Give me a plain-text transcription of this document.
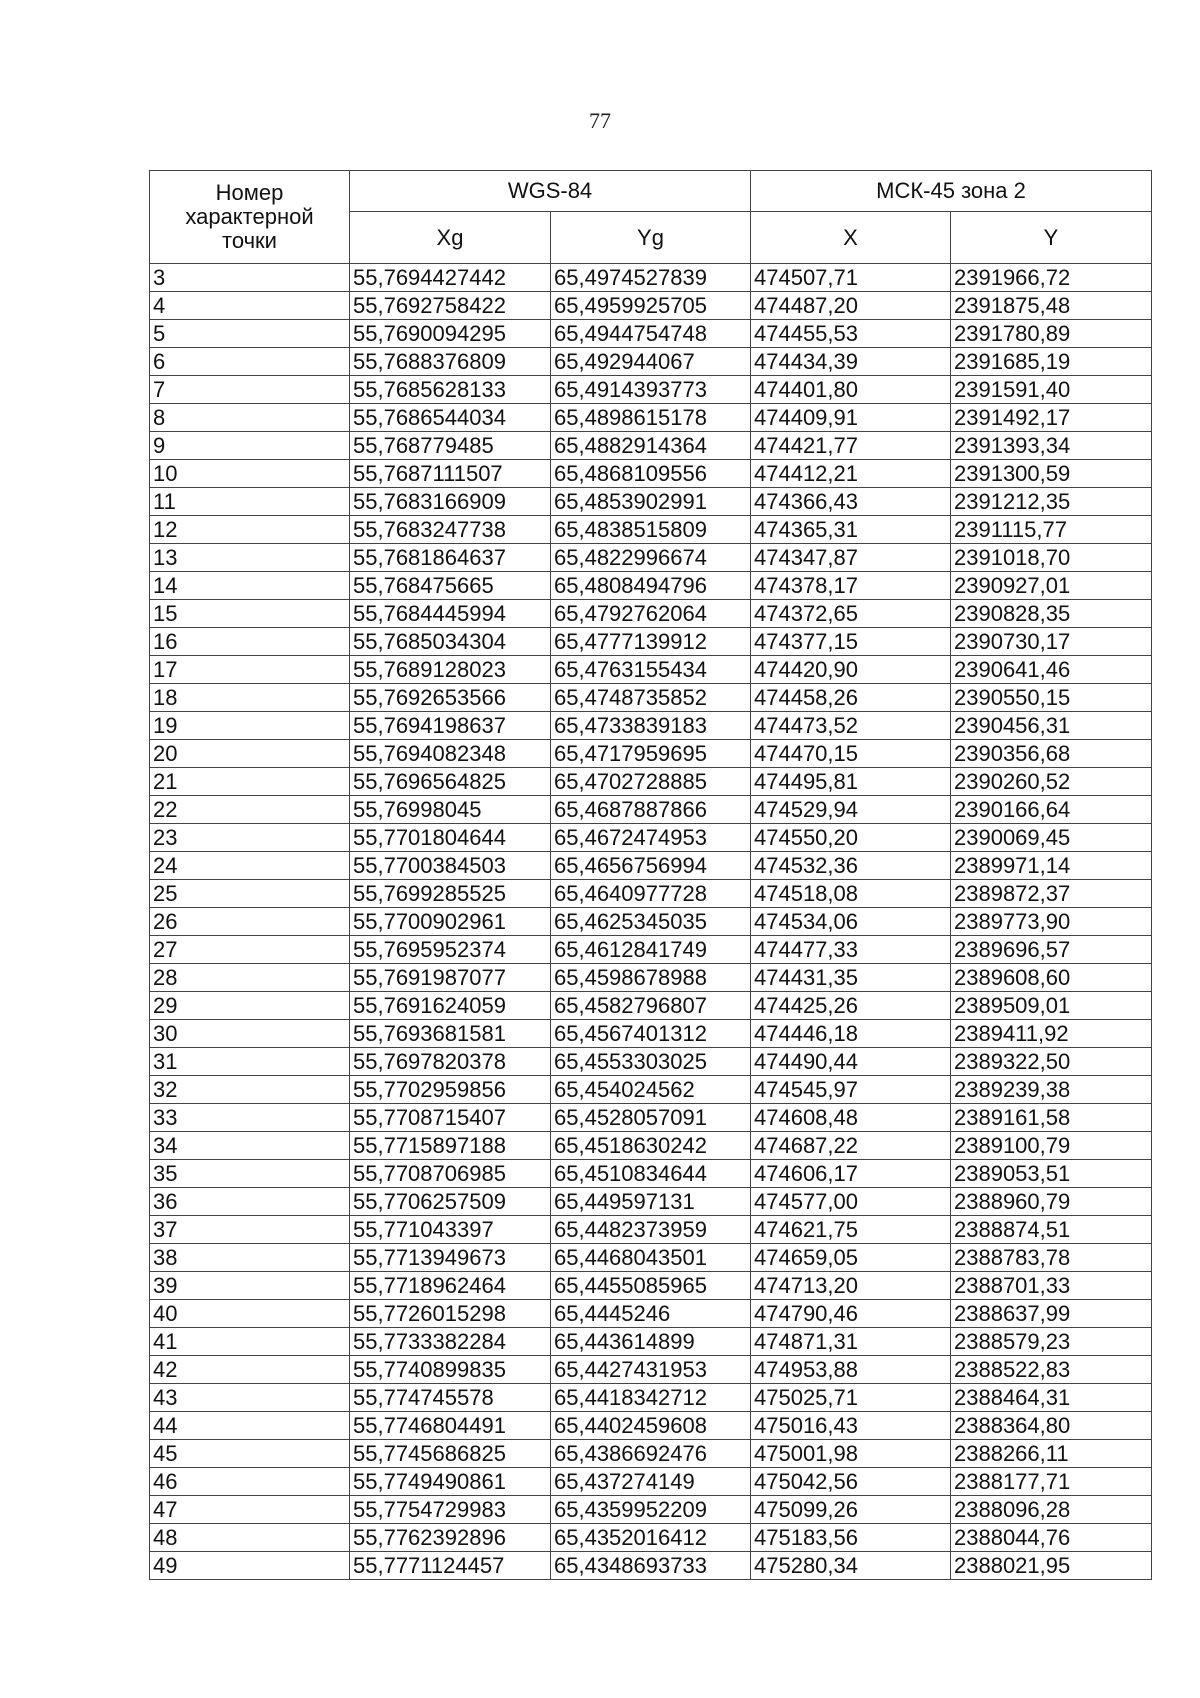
77
Номер характерной точки	WGS-84		МСК-45 зона 2	
	Xg	Yg	X	Y
3	55,7694427442	65,4974527839	474507,71	2391966,72
4	55,7692758422	65,4959925705	474487,20	2391875,48
5	55,7690094295	65,4944754748	474455,53	2391780,89
6	55,7688376809	65,492944067	474434,39	2391685,19
7	55,7685628133	65,4914393773	474401,80	2391591,40
8	55,7686544034	65,4898615178	474409,91	2391492,17
9	55,768779485	65,4882914364	474421,77	2391393,34
10	55,7687111507	65,4868109556	474412,21	2391300,59
11	55,7683166909	65,4853902991	474366,43	2391212,35
12	55,7683247738	65,4838515809	474365,31	2391115,77
13	55,7681864637	65,4822996674	474347,87	2391018,70
14	55,768475665	65,4808494796	474378,17	2390927,01
15	55,7684445994	65,4792762064	474372,65	2390828,35
16	55,7685034304	65,4777139912	474377,15	2390730,17
17	55,7689128023	65,4763155434	474420,90	2390641,46
18	55,7692653566	65,4748735852	474458,26	2390550,15
19	55,7694198637	65,4733839183	474473,52	2390456,31
20	55,7694082348	65,4717959695	474470,15	2390356,68
21	55,7696564825	65,4702728885	474495,81	2390260,52
22	55,76998045	65,4687887866	474529,94	2390166,64
23	55,7701804644	65,4672474953	474550,20	2390069,45
24	55,7700384503	65,4656756994	474532,36	2389971,14
25	55,7699285525	65,4640977728	474518,08	2389872,37
26	55,7700902961	65,4625345035	474534,06	2389773,90
27	55,7695952374	65,4612841749	474477,33	2389696,57
28	55,7691987077	65,4598678988	474431,35	2389608,60
29	55,7691624059	65,4582796807	474425,26	2389509,01
30	55,7693681581	65,4567401312	474446,18	2389411,92
31	55,7697820378	65,4553303025	474490,44	2389322,50
32	55,7702959856	65,454024562	474545,97	2389239,38
33	55,7708715407	65,4528057091	474608,48	2389161,58
34	55,7715897188	65,4518630242	474687,22	2389100,79
35	55,7708706985	65,4510834644	474606,17	2389053,51
36	55,7706257509	65,449597131	474577,00	2388960,79
37	55,771043397	65,4482373959	474621,75	2388874,51
38	55,7713949673	65,4468043501	474659,05	2388783,78
39	55,7718962464	65,4455085965	474713,20	2388701,33
40	55,7726015298	65,4445246	474790,46	2388637,99
41	55,7733382284	65,443614899	474871,31	2388579,23
42	55,7740899835	65,4427431953	474953,88	2388522,83
43	55,774745578	65,4418342712	475025,71	2388464,31
44	55,7746804491	65,4402459608	475016,43	2388364,80
45	55,7745686825	65,4386692476	475001,98	2388266,11
46	55,7749490861	65,437274149	475042,56	2388177,71
47	55,7754729983	65,4359952209	475099,26	2388096,28
48	55,7762392896	65,4352016412	475183,56	2388044,76
49	55,7771124457	65,4348693733	475280,34	2388021,95
